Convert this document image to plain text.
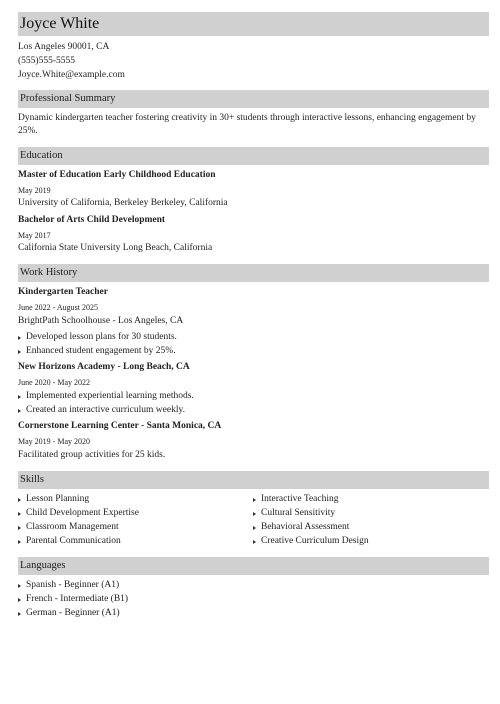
Joyce White
Los Angeles 90001, CA
(555)555-5555
Joyce.White@example.com
Professional Summary
Dynamic kindergarten teacher fostering creativity in 30+ students through interactive lessons, enhancing engagement by 25%.
Education
Master of Education Early Childhood Education
May 2019
University of California, Berkeley Berkeley, California
Bachelor of Arts Child Development
May 2017
California State University Long Beach, California
Work History
Kindergarten Teacher
June 2022 - August 2025
BrightPath Schoolhouse - Los Angeles, CA
Developed lesson plans for 30 students.
Enhanced student engagement by 25%.
New Horizons Academy - Long Beach, CA
June 2020 - May 2022
Implemented experiential learning methods.
Created an interactive curriculum weekly.
Cornerstone Learning Center - Santa Monica, CA
May 2019 - May 2020
Facilitated group activities for 25 kids.
Skills
Lesson Planning
Child Development Expertise
Classroom Management
Parental Communication
Interactive Teaching
Cultural Sensitivity
Behavioral Assessment
Creative Curriculum Design
Languages
Spanish - Beginner (A1)
French - Intermediate (B1)
German - Beginner (A1)
